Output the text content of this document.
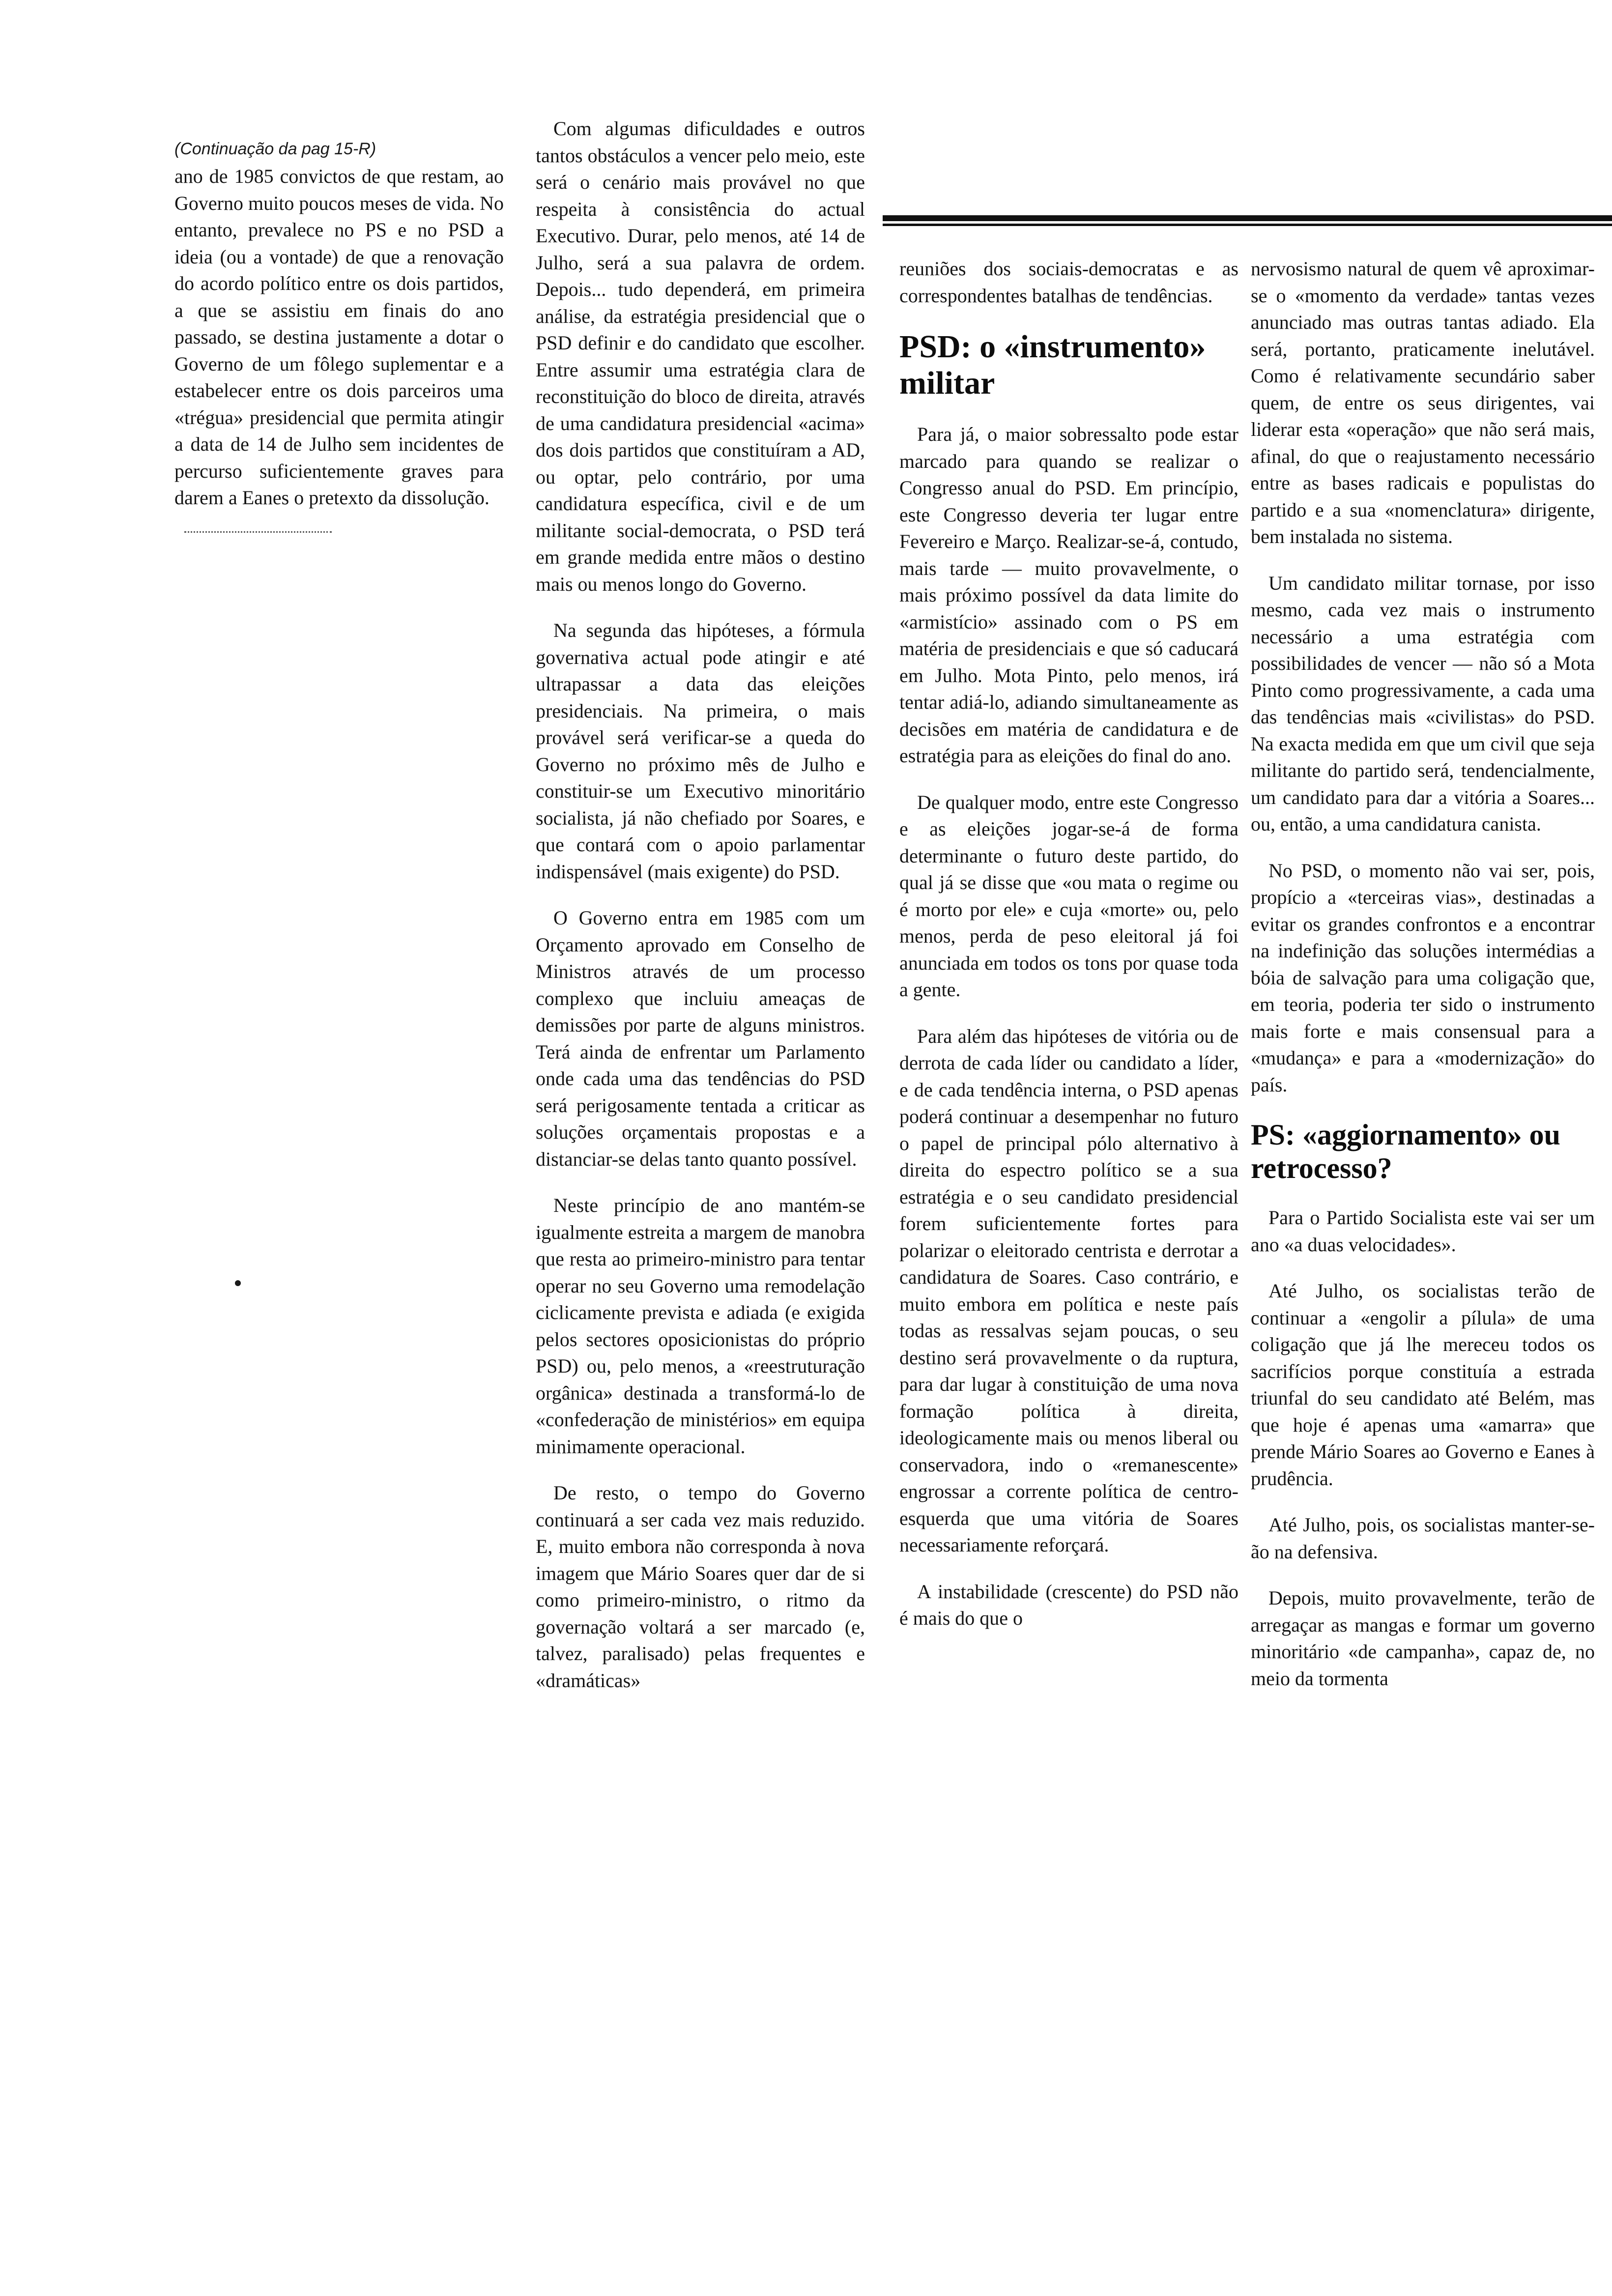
(Continuação da pag 15-R)

ano de 1985 convictos de que restam, ao Governo muito poucos meses de vida. No entanto, prevalece no PS e no PSD a ideia (ou a vontade) de que a renovação do acordo político entre os dois partidos, a que se assistiu em finais do ano passado, se destina justamente a dotar o Governo de um fôlego suplementar e a estabelecer entre os dois parceiros uma «trégua» presidencial que permita atingir a data de 14 de Julho sem incidentes de percurso suficientemente graves para darem a Eanes o pretexto da dissolução.

Com algumas dificuldades e outros tantos obstáculos a vencer pelo meio, este será o cenário mais provável no que respeita à consistência do actual Executivo. Durar, pelo menos, até 14 de Julho, será a sua palavra de ordem. Depois... tudo dependerá, em primeira análise, da estratégia presidencial que o PSD definir e do candidato que escolher. Entre assumir uma estratégia clara de reconstituição do bloco de direita, através de uma candidatura presidencial «acima» dos dois partidos que constituíram a AD, ou optar, pelo contrário, por uma candidatura específica, civil e de um militante social-democrata, o PSD terá em grande medida entre mãos o destino mais ou menos longo do Governo.

Na segunda das hipóteses, a fórmula governativa actual pode atingir e até ultrapassar a data das eleições presidenciais. Na primeira, o mais provável será verificar-se a queda do Governo no próximo mês de Julho e constituir-se um Executivo minoritário socialista, já não chefiado por Soares, e que contará com o apoio parlamentar indispensável (mais exigente) do PSD.

O Governo entra em 1985 com um Orçamento aprovado em Conselho de Ministros através de um processo complexo que incluiu ameaças de demissões por parte de alguns ministros. Terá ainda de enfrentar um Parlamento onde cada uma das tendências do PSD será perigosamente tentada a criticar as soluções orçamentais propostas e a distanciar-se delas tanto quanto possível.

Neste princípio de ano mantém-se igualmente estreita a margem de manobra que resta ao primeiro-ministro para tentar operar no seu Governo uma remodelação ciclicamente prevista e adiada (e exigida pelos sectores oposicionistas do próprio PSD) ou, pelo menos, a «reestruturação orgânica» destinada a transformá-lo de «confederação de ministérios» em equipa minimamente operacional.

De resto, o tempo do Governo continuará a ser cada vez mais reduzido. E, muito embora não corresponda à nova imagem que Mário Soares quer dar de si como primeiro-ministro, o ritmo da governação voltará a ser marcado (e, talvez, paralisado) pelas frequentes e «dramáticas»

reuniões dos sociais-democratas e as correspondentes batalhas de tendências.

PSD: o «instrumento» militar

Para já, o maior sobressalto pode estar marcado para quando se realizar o Congresso anual do PSD. Em princípio, este Congresso deveria ter lugar entre Fevereiro e Março. Realizar-se-á, contudo, mais tarde — muito provavelmente, o mais próximo possível da data limite do «armistício» assinado com o PS em matéria de presidenciais e que só caducará em Julho. Mota Pinto, pelo menos, irá tentar adiá-lo, adiando simultaneamente as decisões em matéria de candidatura e de estratégia para as eleições do final do ano.

De qualquer modo, entre este Congresso e as eleições jogar-se-á de forma determinante o futuro deste partido, do qual já se disse que «ou mata o regime ou é morto por ele» e cuja «morte» ou, pelo menos, perda de peso eleitoral já foi anunciada em todos os tons por quase toda a gente.

Para além das hipóteses de vitória ou de derrota de cada líder ou candidato a líder, e de cada tendência interna, o PSD apenas poderá continuar a desempenhar no futuro o papel de principal pólo alternativo à direita do espectro político se a sua estratégia e o seu candidato presidencial forem suficientemente fortes para polarizar o eleitorado centrista e derrotar a candidatura de Soares. Caso contrário, e muito embora em política e neste país todas as ressalvas sejam poucas, o seu destino será provavelmente o da ruptura, para dar lugar à constituição de uma nova formação política à direita, ideologicamente mais ou menos liberal ou conservadora, indo o «remanescente» engrossar a corrente política de centro-esquerda que uma vitória de Soares necessariamente reforçará.

A instabilidade (crescente) do PSD não é mais do que o

nervosismo natural de quem vê aproximar-se o «momento da verdade» tantas vezes anunciado mas outras tantas adiado. Ela será, portanto, praticamente inelutável. Como é relativamente secundário saber quem, de entre os seus dirigentes, vai liderar esta «operação» que não será mais, afinal, do que o reajustamento necessário entre as bases radicais e populistas do partido e a sua «nomenclatura» dirigente, bem instalada no sistema.

Um candidato militar tornase, por isso mesmo, cada vez mais o instrumento necessário a uma estratégia com possibilidades de vencer — não só a Mota Pinto como progressivamente, a cada uma das tendências mais «civilistas» do PSD. Na exacta medida em que um civil que seja militante do partido será, tendencialmente, um candidato para dar a vitória a Soares... ou, então, a uma candidatura canista.

No PSD, o momento não vai ser, pois, propício a «terceiras vias», destinadas a evitar os grandes confrontos e a encontrar na indefinição das soluções intermédias a bóia de salvação para uma coligação que, em teoria, poderia ter sido o instrumento mais forte e mais consensual para a «mudança» e para a «modernização» do país.

PS: «aggiornamento» ou retrocesso?

Para o Partido Socialista este vai ser um ano «a duas velocidades».

Até Julho, os socialistas terão de continuar a «engolir a pílula» de uma coligação que já lhe mereceu todos os sacrifícios porque constituía a estrada triunfal do seu candidato até Belém, mas que hoje é apenas uma «amarra» que prende Mário Soares ao Governo e Eanes à prudência.

Até Julho, pois, os socialistas manter-se-ão na defensiva.

Depois, muito provavelmente, terão de arregaçar as mangas e formar um governo minoritário «de campanha», capaz de, no meio da tormenta
